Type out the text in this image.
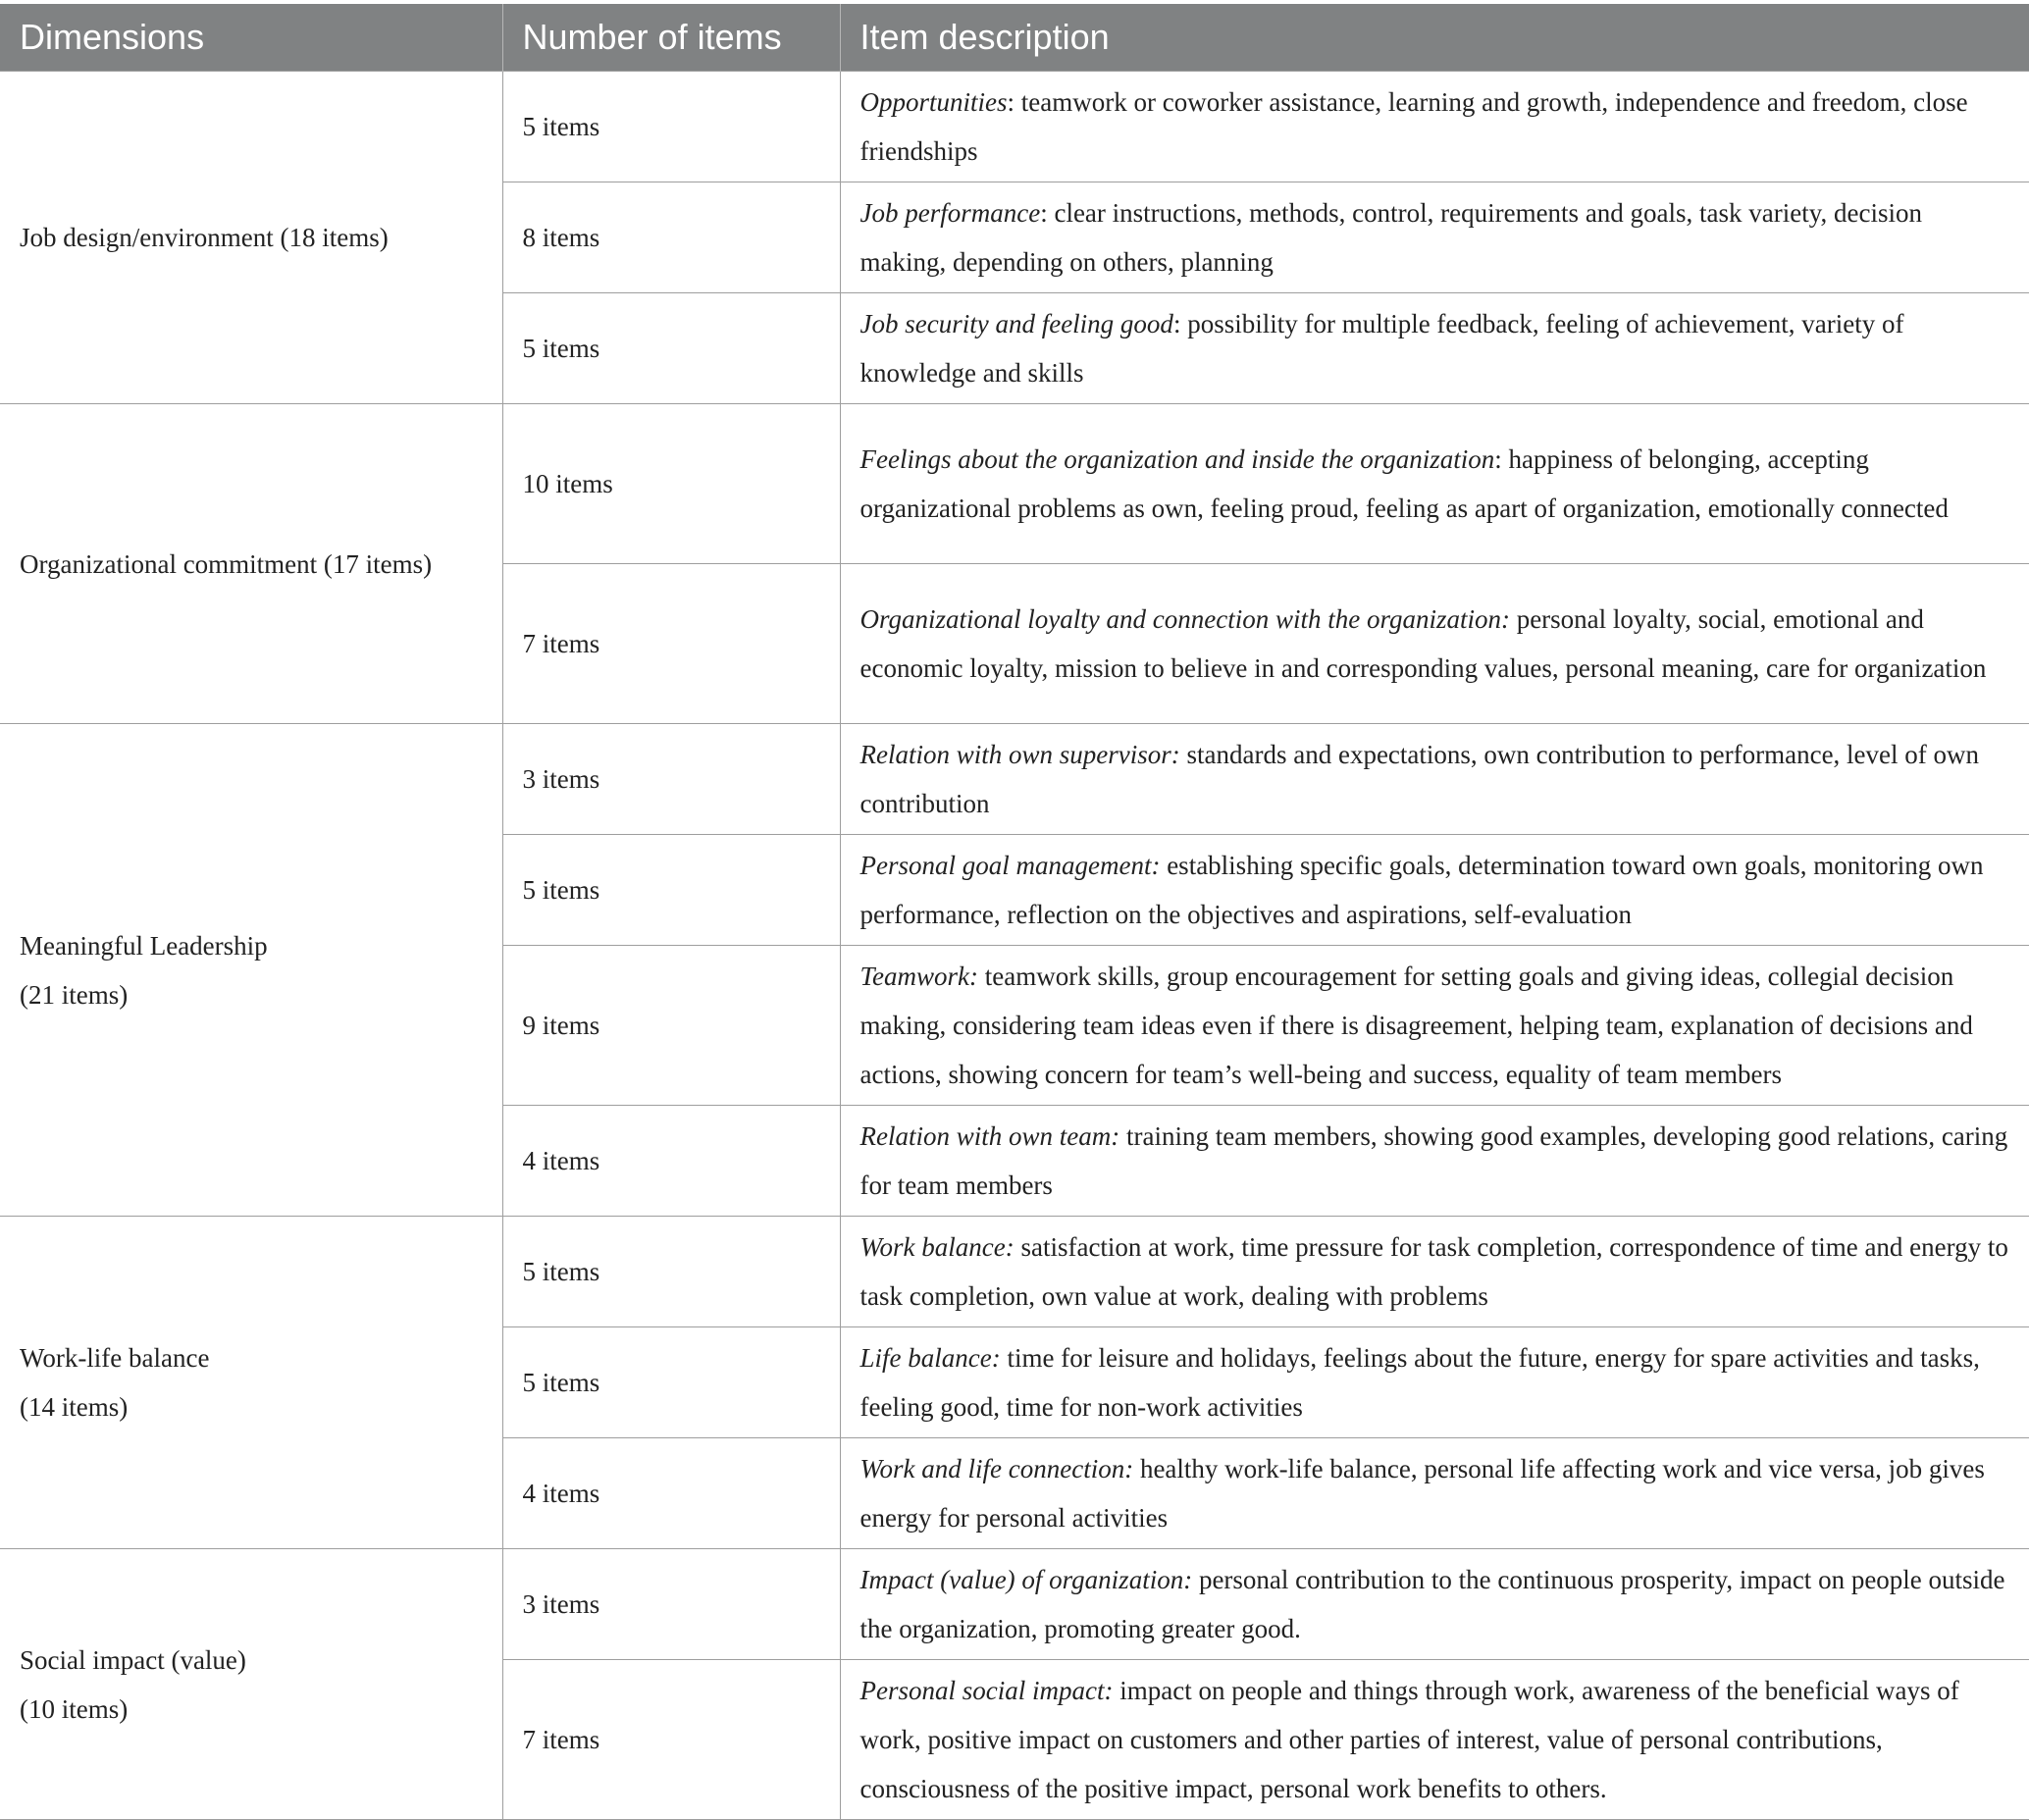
Dimensions	Number of items	Item description

Job design/environment (18 items)	5 items	Opportunities: teamwork or coworker assistance, learning and growth, independence and freedom, close friendships
	8 items	Job performance: clear instructions, methods, control, requirements and goals, task variety, decision making, depending on others, planning
	5 items	Job security and feeling good: possibility for multiple feedback, feeling of achievement, variety of knowledge and skills

Organizational commitment (17 items)	10 items	Feelings about the organization and inside the organization: happiness of belonging, accepting organizational problems as own, feeling proud, feeling as apart of organization, emotionally connected
	7 items	Organizational loyalty and connection with the organization: personal loyalty, social, emotional and economic loyalty, mission to believe in and corresponding values, personal meaning, care for organization

Meaningful Leadership
(21 items)	3 items	Relation with own supervisor: standards and expectations, own contribution to performance, level of own contribution
	5 items	Personal goal management: establishing specific goals, determination toward own goals, monitoring own performance, reflection on the objectives and aspirations, self-evaluation
	9 items	Teamwork: teamwork skills, group encouragement for setting goals and giving ideas, collegial decision making, considering team ideas even if there is disagreement, helping team, explanation of decisions and actions, showing concern for team’s well-being and success, equality of team members
	4 items	Relation with own team: training team members, showing good examples, developing good relations, caring for team members

Work-life balance
(14 items)	5 items	Work balance: satisfaction at work, time pressure for task completion, correspondence of time and energy to task completion, own value at work, dealing with problems
	5 items	Life balance: time for leisure and holidays, feelings about the future, energy for spare activities and tasks, feeling good, time for non-work activities
	4 items	Work and life connection: healthy work-life balance, personal life affecting work and vice versa, job gives energy for personal activities

Social impact (value)
(10 items)	3 items	Impact (value) of organization: personal contribution to the continuous prosperity, impact on people outside the organization, promoting greater good.
	7 items	Personal social impact: impact on people and things through work, awareness of the beneficial ways of work, positive impact on customers and other parties of interest, value of personal contributions, consciousness of the positive impact, personal work benefits to others.
